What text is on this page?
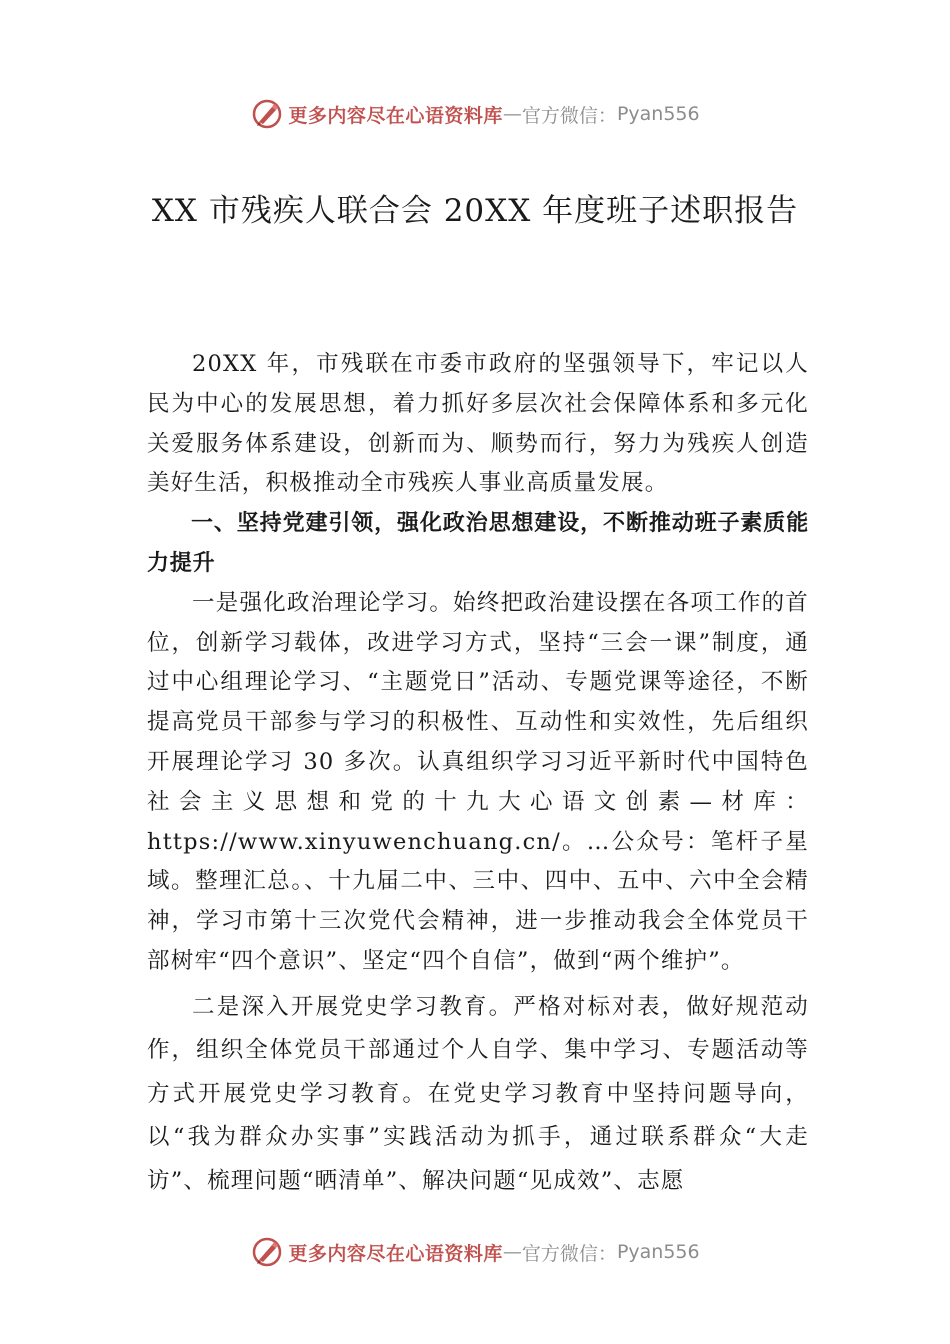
更多内容尽在心语资料库 — 官方微信： Pyan556
XX 市残疾人联合会 20XX 年度班子述职报告

20XX 年，市残联在市委市政府的坚强领导下，牢记以人民为中心的发展思想，着力抓好多层次社会保障体系和多元化关爱服务体系建设，创新而为、顺势而行，努力为残疾人创造美好生活，积极推动全市残疾人事业高质量发展。

一、坚持党建引领，强化政治思想建设，不断推动班子素质能力提升

一是强化政治理论学习。始终把政治建设摆在各项工作的首位，创新学习载体，改进学习方式，坚持“三会一课”制度，通过中心组理论学习、“主题党日”活动、专题党课等途径，不断提高党员干部参与学习的积极性、互动性和实效性，先后组织开展理论学习 30 多次。认真组织学习习近平新时代中国特色社会主义思想和党的十九大心语文创素—材库：https://www.xinyuwenchuang.cn/。…公众号：笔杆子星域。整理汇总。、十九届二中、三中、四中、五中、六中全会精神，学习市第十三次党代会精神，进一步推动我会全体党员干部树牢“四个意识”、坚定“四个自信”，做到“两个维护”。

二是深入开展党史学习教育。严格对标对表，做好规范动作，组织全体党员干部通过个人自学、集中学习、专题活动等方式开展党史学习教育。在党史学习教育中坚持问题导向，以“我为群众办实事”实践活动为抓手，通过联系群众“大走访”、梳理问题“晒清单”、解决问题“见成效”、志愿

更多内容尽在心语资料库 — 官方微信： Pyan556
